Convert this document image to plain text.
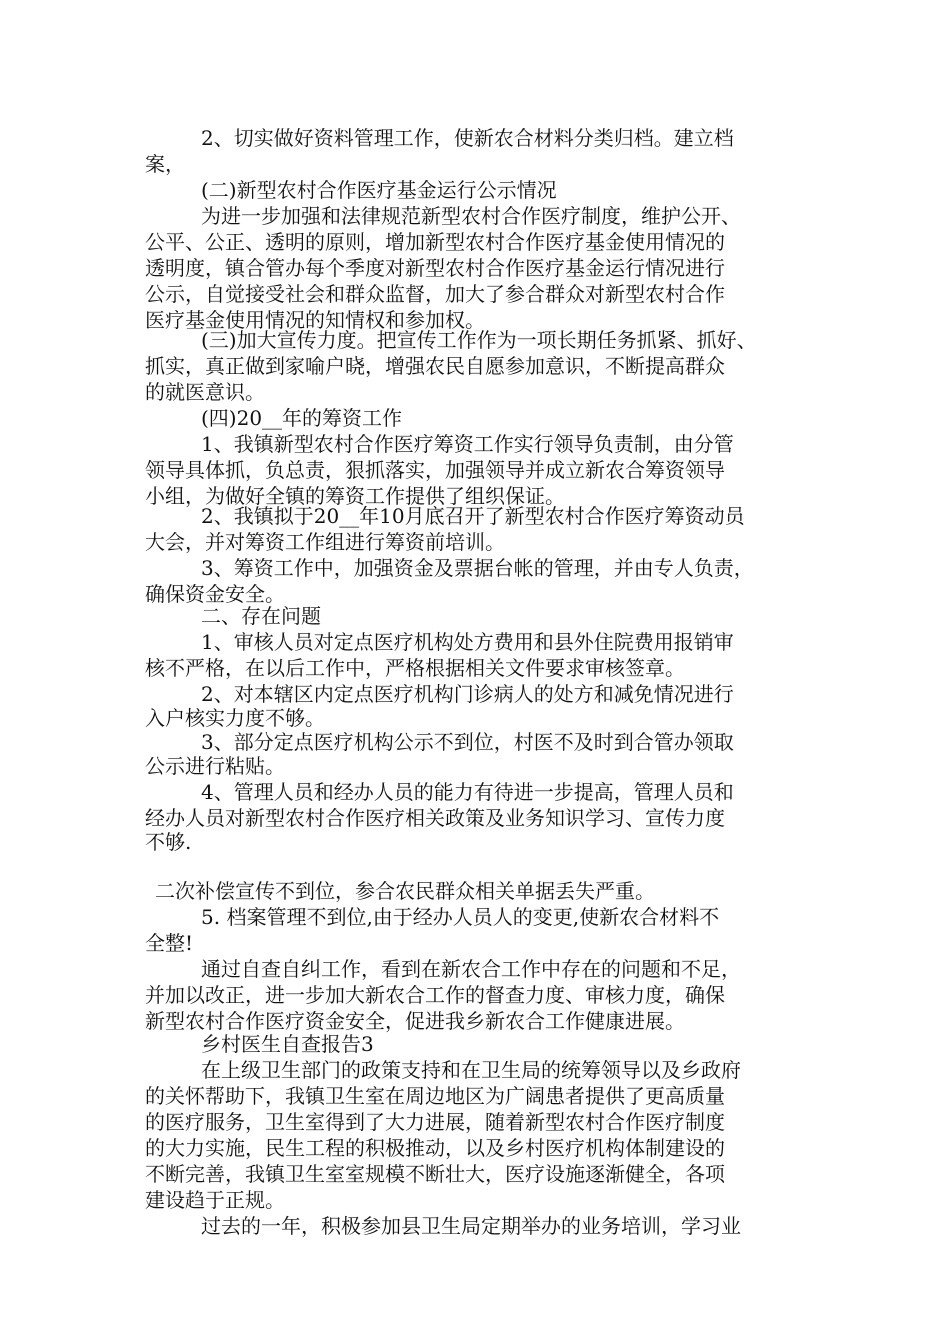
2、切实做好资料管理工作，使新农合材料分类归档。建立档

案，

(二)新型农村合作医疗基金运行公示情况

为进一步加强和法律规范新型农村合作医疗制度，维护公开、

公平、公正、透明的原则，增加新型农村合作医疗基金使用情况的

透明度，镇合管办每个季度对新型农村合作医疗基金运行情况进行

公示，自觉接受社会和群众监督，加大了参合群众对新型农村合作

医疗基金使用情况的知情权和参加权。

(三)加大宣传力度。把宣传工作作为一项长期任务抓紧、抓好、

抓实，真正做到家喻户晓，增强农民自愿参加意识，不断提高群众

的就医意识。

(四)20__年的筹资工作

1、我镇新型农村合作医疗筹资工作实行领导负责制，由分管

领导具体抓，负总责，狠抓落实，加强领导并成立新农合筹资领导

小组，为做好全镇的筹资工作提供了组织保证。

2、我镇拟于20__年10月底召开了新型农村合作医疗筹资动员

大会，并对筹资工作组进行筹资前培训。

3、筹资工作中，加强资金及票据台帐的管理，并由专人负责，

确保资金安全。

二、存在问题

1、审核人员对定点医疗机构处方费用和县外住院费用报销审

核不严格，在以后工作中，严格根据相关文件要求审核签章。

2、对本辖区内定点医疗机构门诊病人的处方和减免情况进行

入户核实力度不够。

3、部分定点医疗机构公示不到位，村医不及时到合管办领取

公示进行粘贴。

4、管理人员和经办人员的能力有待进一步提高，管理人员和

经办人员对新型农村合作医疗相关政策及业务知识学习、宣传力度

不够.

二次补偿宣传不到位，参合农民群众相关单据丢失严重。

5. 档案管理不到位,由于经办人员人的变更,使新农合材料不

全整!

通过自查自纠工作，看到在新农合工作中存在的问题和不足，

并加以改正，进一步加大新农合工作的督查力度、审核力度，确保

新型农村合作医疗资金安全，促进我乡新农合工作健康进展。

乡村医生自查报告3

在上级卫生部门的政策支持和在卫生局的统筹领导以及乡政府

的关怀帮助下，我镇卫生室在周边地区为广阔患者提供了更高质量

的医疗服务，卫生室得到了大力进展，随着新型农村合作医疗制度

的大力实施，民生工程的积极推动，以及乡村医疗机构体制建设的

不断完善，我镇卫生室室规模不断壮大，医疗设施逐渐健全，各项

建设趋于正规。

过去的一年，积极参加县卫生局定期举办的业务培训，学习业
